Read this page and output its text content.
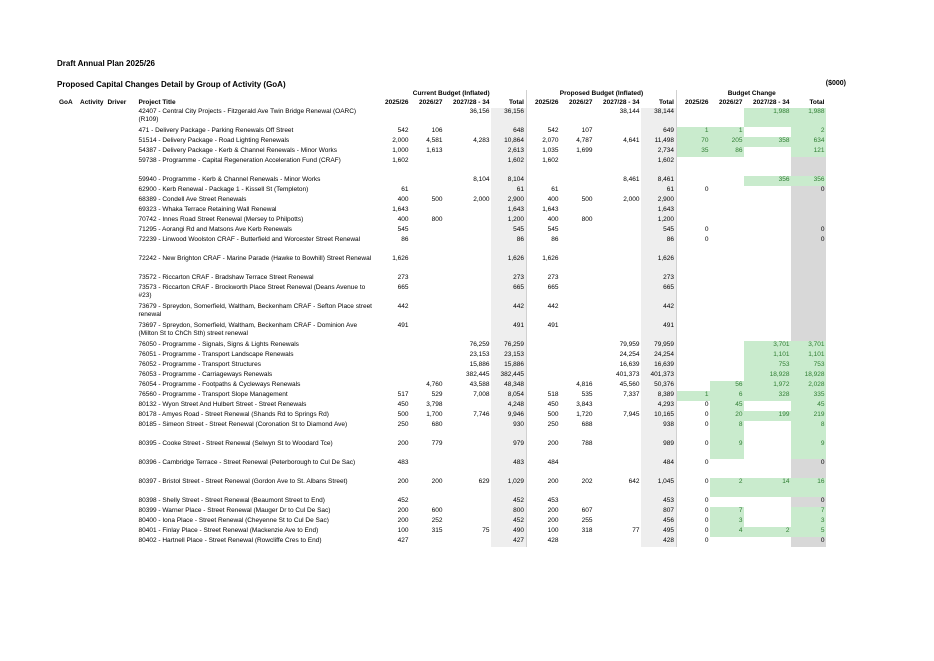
Draft Annual Plan 2025/26
Proposed Capital Changes Detail by Group of Activity (GoA)	($000)
				Current Budget (Inflated)				Proposed Budget (Inflated)				Budget Change			
GoA	Activity	Driver	Project Title	2025/26	2026/27	2027/28 - 34	Total	2025/26	2026/27	2027/28 - 34	Total	2025/26	2026/27	2027/28 - 34	Total
			42407 - Central City Projects - Fitzgerald Ave Twin Bridge Renewal (OARC) (R109)			36,156	36,156			38,144	38,144			1,988	1,988
			471 - Delivery Package - Parking Renewals Off Street	542	106		648	542	107		649	1	1		2
			51514 - Delivery Package - Road Lighting Renewals	2,000	4,581	4,283	10,864	2,070	4,787	4,641	11,498	70	205	358	634
			54387 - Delivery Package - Kerb & Channel Renewals - Minor Works	1,000	1,613		2,613	1,035	1,699		2,734	35	86		121
			59738 - Programme - Capital Regeneration Acceleration Fund (CRAF)	1,602			1,602	1,602			1,602				
			59940 - Programme - Kerb & Channel Renewals - Minor Works			8,104	8,104			8,461	8,461			356	356
			62900 - Kerb Renewal - Package 1 - Kissell St (Templeton)	61			61	61			61	0			0
			68389 - Condell Ave Street Renewals	400	500	2,000	2,900	400	500	2,000	2,900				
			69323 - Whaka Terrace Retaining Wall Renewal	1,643			1,643	1,643			1,643				
			70742 - Innes Road Street Renewal (Mersey to Philpotts)	400	800		1,200	400	800		1,200				
			71295 - Aorangi Rd and Matsons Ave Kerb Renewals	545			545	545			545	0			0
			72239 - Linwood Woolston CRAF - Butterfield and Worcester Street Renewal	86			86	86			86	0			0
			72242 - New Brighton CRAF - Marine Parade (Hawke to Bowhill) Street Renewal	1,626			1,626	1,626			1,626				
			73572 - Riccarton CRAF - Bradshaw Terrace Street Renewal	273			273	273			273				
			73573 - Riccarton CRAF - Brockworth Place Street Renewal (Deans Avenue to #23)	665			665	665			665				
			73679 - Spreydon, Somerfield, Waltham, Beckenham CRAF - Sefton Place street renewal	442			442	442			442				
			73697 - Spreydon, Somerfield, Waltham, Beckenham CRAF - Dominion Ave (Milton St to ChCh Sth) street renewal	491			491	491			491				
			76050 - Programme - Signals, Signs & Lights Renewals			76,259	76,259			79,959	79,959			3,701	3,701
			76051 - Programme - Transport Landscape Renewals			23,153	23,153			24,254	24,254			1,101	1,101
			76052 - Programme - Transport Structures			15,886	15,886			16,639	16,639			753	753
			76053 - Programme - Carriageways Renewals			382,445	382,445			401,373	401,373			18,928	18,928
			76054 - Programme - Footpaths & Cycleways Renewals		4,760	43,588	48,348		4,816	45,560	50,376		56	1,972	2,028
			76560 - Programme - Transport Slope Management	517	529	7,008	8,054	518	535	7,337	8,389	1	6	328	335
			80132 - Wyon Street And Hulbert Street - Street Renewals	450	3,798		4,248	450	3,843		4,293	0	45		45
			80178 - Amyes Road - Street Renewal (Shands Rd to Springs Rd)	500	1,700	7,746	9,946	500	1,720	7,945	10,165	0	20	199	219
			80185 - Simeon Street - Street Renewal (Coronation St to Diamond Ave)	250	680		930	250	688		938	0	8		8
			80395 - Cooke Street - Street Renewal (Selwyn St to Woodard Tce)	200	779		979	200	788		989	0	9		9
			80396 - Cambridge Terrace - Street Renewal (Peterborough to Cul De Sac)	483			483	484			484	0			0
			80397 - Bristol Street - Street Renewal (Gordon Ave to St. Albans Street)	200	200	629	1,029	200	202	642	1,045	0	2	14	16
			80398 - Shelly Street - Street Renewal (Beaumont Street to End)	452			452	453			453	0			0
			80399 - Warner Place - Street Renewal (Mauger Dr to Cul De Sac)	200	600		800	200	607		807	0	7		7
			80400 - Iona Place - Street Renewal (Cheyenne St to Cul De Sac)	200	252		452	200	255		456	0	3		3
			80401 - Finlay Place - Street Renewal (Mackenzie Ave to End)	100	315	75	490	100	318	77	495	0	4	2	5
			80402 - Hartnell Place - Street Renewal (Rowcliffe Cres to End)	427			427	428			428	0			0
